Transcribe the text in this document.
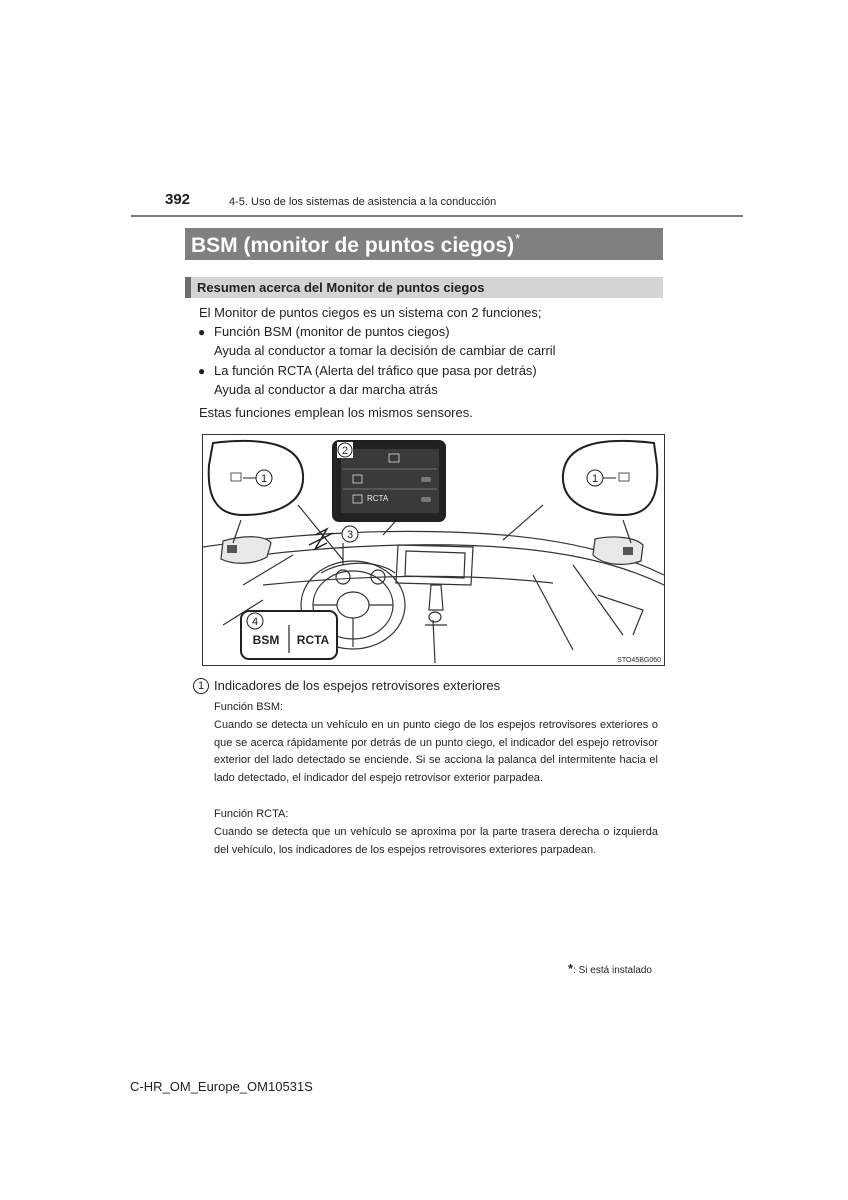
392	4-5. Uso de los sistemas de asistencia a la conducción
BSM (monitor de puntos ciegos)*
Resumen acerca del Monitor de puntos ciegos
El Monitor de puntos ciegos es un sistema con 2 funciones;
● Función BSM (monitor de puntos ciegos)
Ayuda al conductor a tomar la decisión de cambiar de carril
● La función RCTA (Alerta del tráfico que pasa por detrás)
Ayuda al conductor a dar marcha atrás
Estas funciones emplean los mismos sensores.
1	1
RCTA
2
3
BSM RCTA
4
STO45BG060
1 Indicadores de los espejos retrovisores exteriores
Función BSM:
Cuando se detecta un vehículo en un punto ciego de los espejos retrovisores exteriores o que se acerca rápidamente por detrás de un punto ciego, el indicador del espejo retrovisor exterior del lado detectado se enciende. Si se acciona la palanca del intermitente hacia el lado detectado, el indicador del espejo retrovisor exterior parpadea.
Función RCTA:
Cuando se detecta que un vehículo se aproxima por la parte trasera derecha o izquierda del vehículo, los indicadores de los espejos retrovisores exteriores parpadean.
*: Si está instalado
C-HR_OM_Europe_OM10531S
